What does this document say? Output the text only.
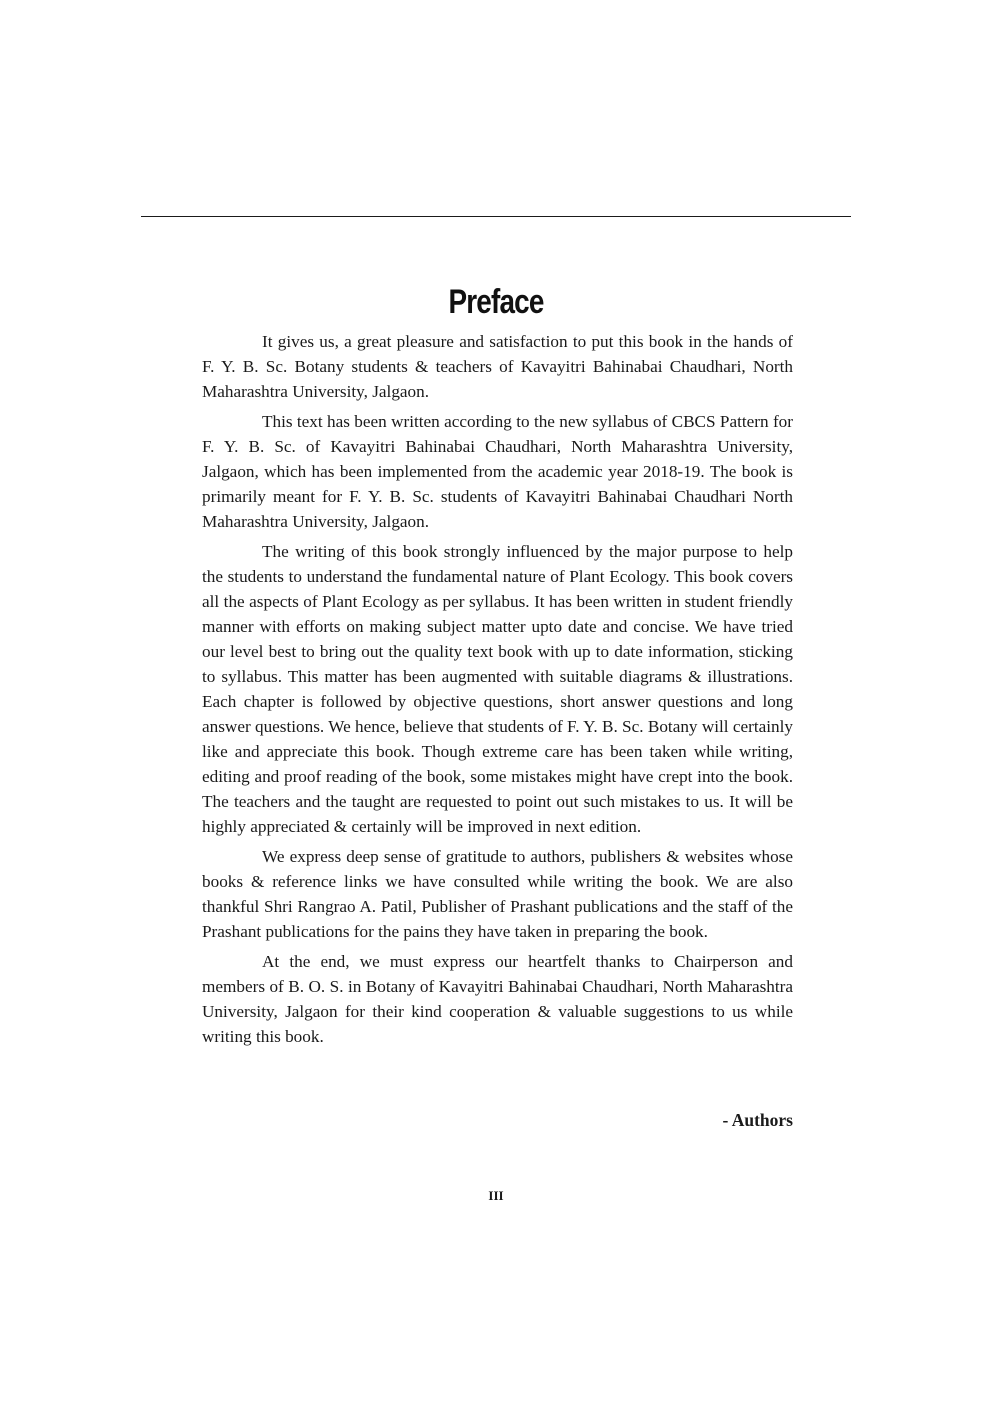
Preface

It gives us, a great pleasure and satisfaction to put this book in the hands of F. Y. B. Sc. Botany students & teachers of Kavayitri Bahinabai Chaudhari, North Maharashtra University, Jalgaon.

This text has been written according to the new syllabus of CBCS Pattern for F. Y. B. Sc. of Kavayitri Bahinabai Chaudhari, North Maharashtra University, Jalgaon, which has been implemented from the academic year 2018-19. The book is primarily meant for F. Y. B. Sc. students of Kavayitri Bahinabai Chaudhari North Maharashtra University, Jalgaon.

The writing of this book strongly influenced by the major purpose to help the students to understand the fundamental nature of Plant Ecology. This book covers all the aspects of Plant Ecology as per syllabus. It has been written in student friendly manner with efforts on making subject matter upto date and concise. We have tried our level best to bring out the quality text book with up to date information, sticking to syllabus. This matter has been augmented with suitable diagrams & illustrations. Each chapter is followed by objective questions, short answer questions and long answer questions. We hence, believe that students of F. Y. B. Sc. Botany will certainly like and appreciate this book. Though extreme care has been taken while writing, editing and proof reading of the book, some mistakes might have crept into the book. The teachers and the taught are requested to point out such mistakes to us. It will be highly appreciated & certainly will be improved in next edition.

We express deep sense of gratitude to authors, publishers & websites whose books & reference links we have consulted while writing the book. We are also thankful Shri Rangrao A. Patil, Publisher of Prashant publications and the staff of the Prashant publications for the pains they have taken in preparing the book.

At the end, we must express our heartfelt thanks to Chairperson and members of B. O. S. in Botany of Kavayitri Bahinabai Chaudhari, North Maharashtra University, Jalgaon for their kind cooperation & valuable suggestions to us while writing this book.

- Authors
III
